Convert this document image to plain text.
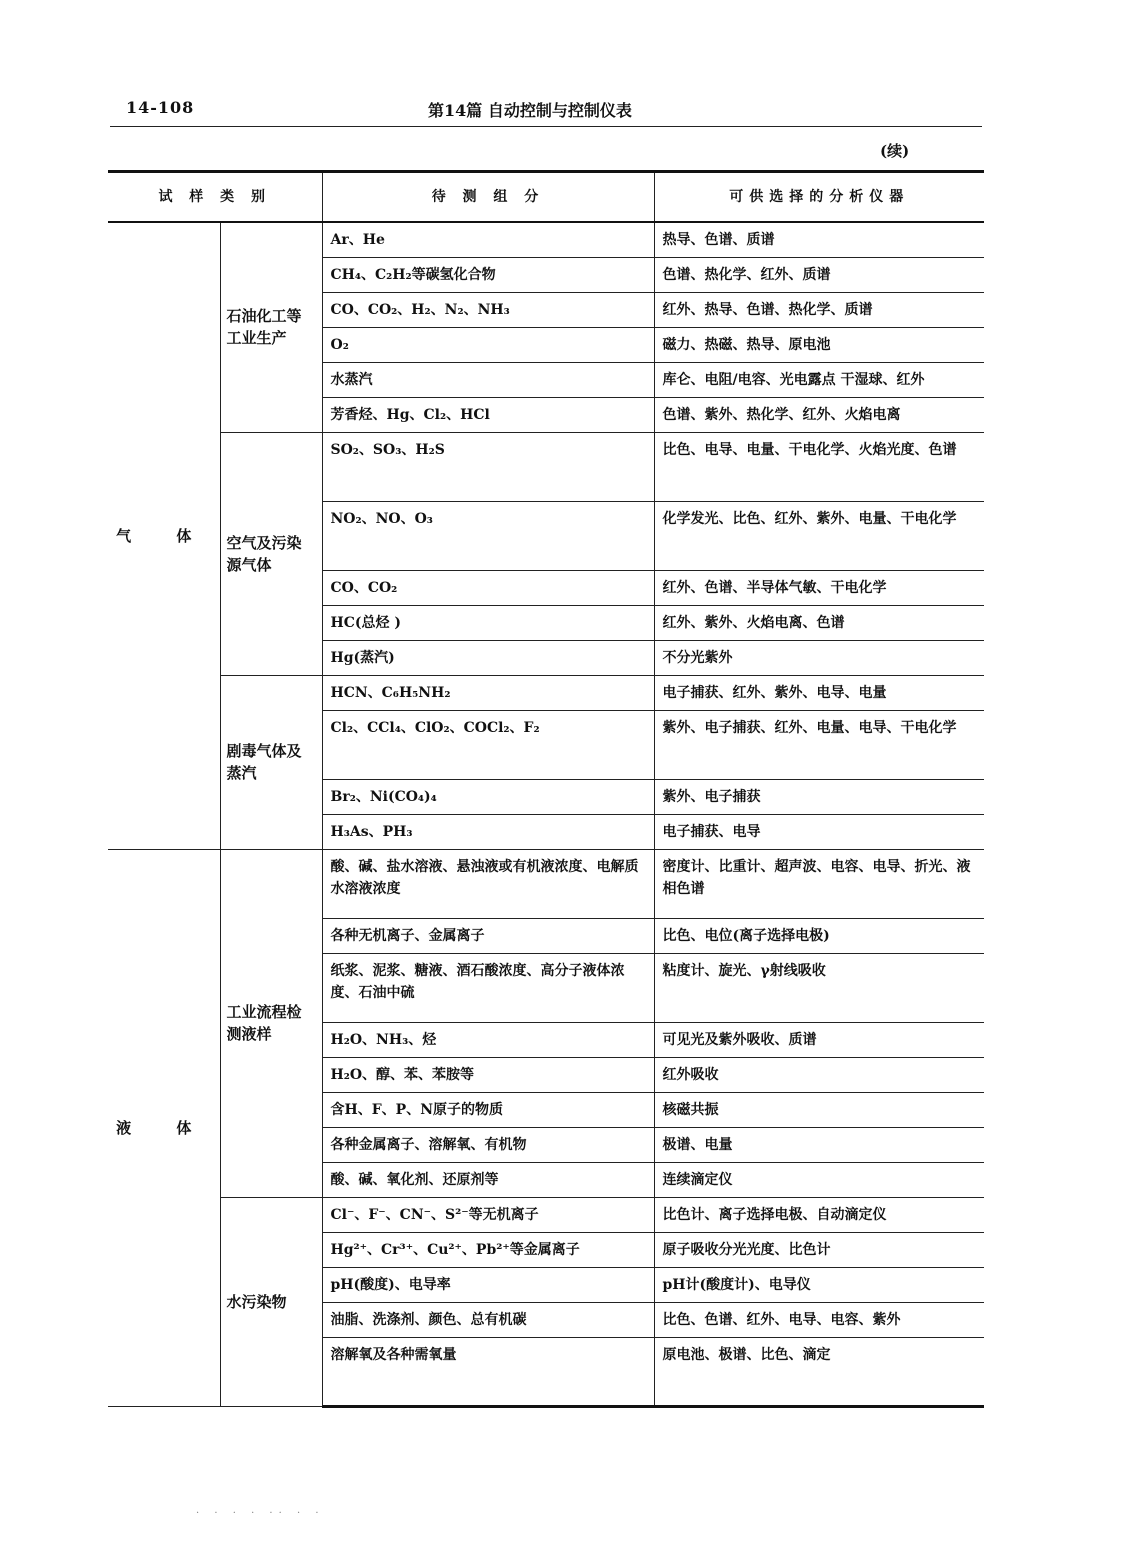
14-108	第14篇 自动控制与控制仪表
(续)
试 样 类 别		待 测 组 分	可供选择的分析仪器
气 体	石油化工等工业生产	Ar、He	热导、色谱、质谱
		CH₄、C₂H₂等碳氢化合物	色谱、热化学、红外、质谱
		CO、CO₂、H₂、N₂、NH₃	红外、热导、色谱、热化学、质谱
		O₂	磁力、热磁、热导、原电池
		水蒸汽	库仑、电阻/电容、光电露点 干湿球、红外
		芳香烃、Hg、Cl₂、HCl	色谱、紫外、热化学、红外、火焰电离
	空气及污染源气体	SO₂、SO₃、H₂S	比色、电导、电量、干电化学、火焰光度、色谱
		NO₂、NO、O₃	化学发光、比色、红外、紫外、电量、干电化学
		CO、CO₂	红外、色谱、半导体气敏、干电化学
		HC(总烃 )	红外、紫外、火焰电离、色谱
		Hg(蒸汽)	不分光紫外
	剧毒气体及蒸汽	HCN、C₆H₅NH₂	电子捕获、红外、紫外、电导、电量
		Cl₂、CCl₄、ClO₂、COCl₂、F₂	紫外、电子捕获、红外、电量、电导、干电化学
		Br₂、Ni(CO₄)₄	紫外、电子捕获
		H₃As、PH₃	电子捕获、电导
液 体	工业流程检测液样	酸、碱、盐水溶液、悬浊液或有机液浓度、电解质水溶液浓度	密度计、比重计、超声波、电容、电导、折光、液相色谱
		各种无机离子、金属离子	比色、电位(离子选择电极)
		纸浆、泥浆、糖液、酒石酸浓度、高分子液体浓度、石油中硫	粘度计、旋光、γ射线吸收
		H₂O、NH₃、烃	可见光及紫外吸收、质谱
		H₂O、醇、苯、苯胺等	红外吸收
		含H、F、P、N原子的物质	核磁共振
		各种金属离子、溶解氧、有机物	极谱、电量
		酸、碱、氧化剂、还原剂等	连续滴定仪
	水污染物	Cl⁻、F⁻、CN⁻、S²⁻等无机离子	比色计、离子选择电极、自动滴定仪
		Hg²⁺、Cr³⁺、Cu²⁺、Pb²⁺等金属离子	原子吸收分光光度、比色计
		pH(酸度)、电导率	pH计(酸度计)、电导仪
		油脂、洗涤剂、颜色、总有机碳	比色、色谱、红外、电导、电容、紫外
		溶解氧及各种需氧量	原电池、极谱、比色、滴定
· · · · ·· · ·
